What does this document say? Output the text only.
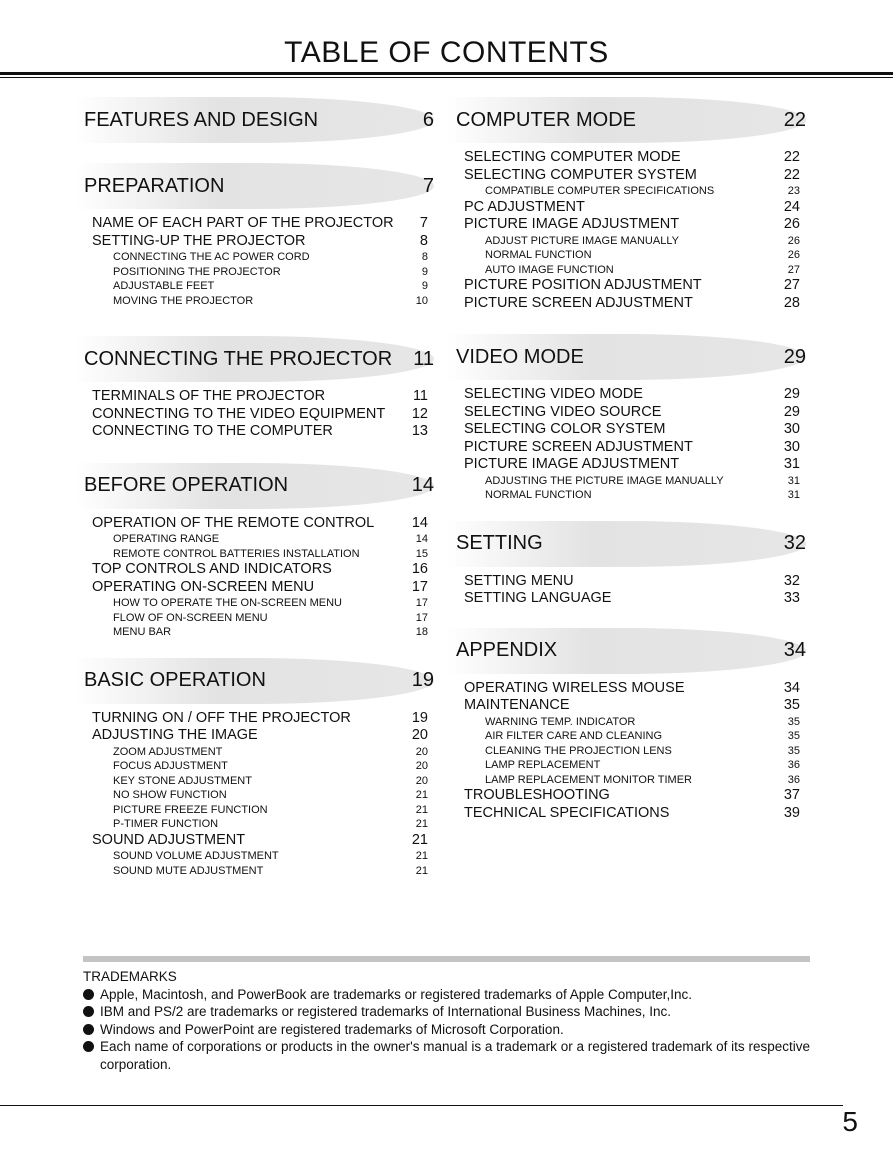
TABLE OF CONTENTS
FEATURES AND DESIGN	6
PREPARATION	7
NAME OF EACH PART OF THE PROJECTOR	7
SETTING-UP THE PROJECTOR	8
CONNECTING THE AC POWER CORD	8
POSITIONING THE PROJECTOR	9
ADJUSTABLE FEET	9
MOVING THE PROJECTOR	10
CONNECTING THE PROJECTOR	11
TERMINALS OF THE PROJECTOR	11
CONNECTING TO THE VIDEO EQUIPMENT	12
CONNECTING TO THE COMPUTER	13
BEFORE OPERATION	14
OPERATION OF THE REMOTE CONTROL	14
OPERATING RANGE	14
REMOTE CONTROL BATTERIES INSTALLATION	15
TOP CONTROLS AND INDICATORS	16
OPERATING ON-SCREEN MENU	17
HOW TO OPERATE THE ON-SCREEN MENU	17
FLOW OF ON-SCREEN MENU	17
MENU BAR	18
BASIC OPERATION	19
TURNING ON / OFF THE PROJECTOR	19
ADJUSTING THE IMAGE	20
ZOOM ADJUSTMENT	20
FOCUS ADJUSTMENT	20
KEY STONE ADJUSTMENT	20
NO SHOW FUNCTION	21
PICTURE FREEZE FUNCTION	21
P-TIMER FUNCTION	21
SOUND ADJUSTMENT	21
SOUND VOLUME ADJUSTMENT	21
SOUND MUTE ADJUSTMENT	21
COMPUTER MODE	22
SELECTING COMPUTER MODE	22
SELECTING COMPUTER SYSTEM	22
COMPATIBLE COMPUTER SPECIFICATIONS	23
PC ADJUSTMENT	24
PICTURE IMAGE ADJUSTMENT	26
ADJUST PICTURE IMAGE MANUALLY	26
NORMAL FUNCTION	26
AUTO IMAGE FUNCTION	27
PICTURE POSITION ADJUSTMENT	27
PICTURE SCREEN ADJUSTMENT	28
VIDEO MODE	29
SELECTING VIDEO MODE	29
SELECTING VIDEO SOURCE	29
SELECTING COLOR SYSTEM	30
PICTURE SCREEN ADJUSTMENT	30
PICTURE IMAGE ADJUSTMENT	31
ADJUSTING THE PICTURE IMAGE MANUALLY	31
NORMAL FUNCTION	31
SETTING	32
SETTING MENU	32
SETTING LANGUAGE	33
APPENDIX	34
OPERATING WIRELESS MOUSE	34
MAINTENANCE	35
WARNING TEMP. INDICATOR	35
AIR FILTER CARE AND CLEANING	35
CLEANING THE PROJECTION LENS	35
LAMP REPLACEMENT	36
LAMP REPLACEMENT MONITOR TIMER	36
TROUBLESHOOTING	37
TECHNICAL SPECIFICATIONS	39
TRADEMARKS
Apple, Macintosh, and PowerBook are trademarks or registered trademarks of Apple Computer,Inc.
IBM and PS/2 are trademarks or registered trademarks of International Business Machines, Inc.
Windows and PowerPoint are registered trademarks of Microsoft Corporation.
Each name of corporations or products in the owner's manual is a trademark or a registered trademark of its respective corporation.
5
